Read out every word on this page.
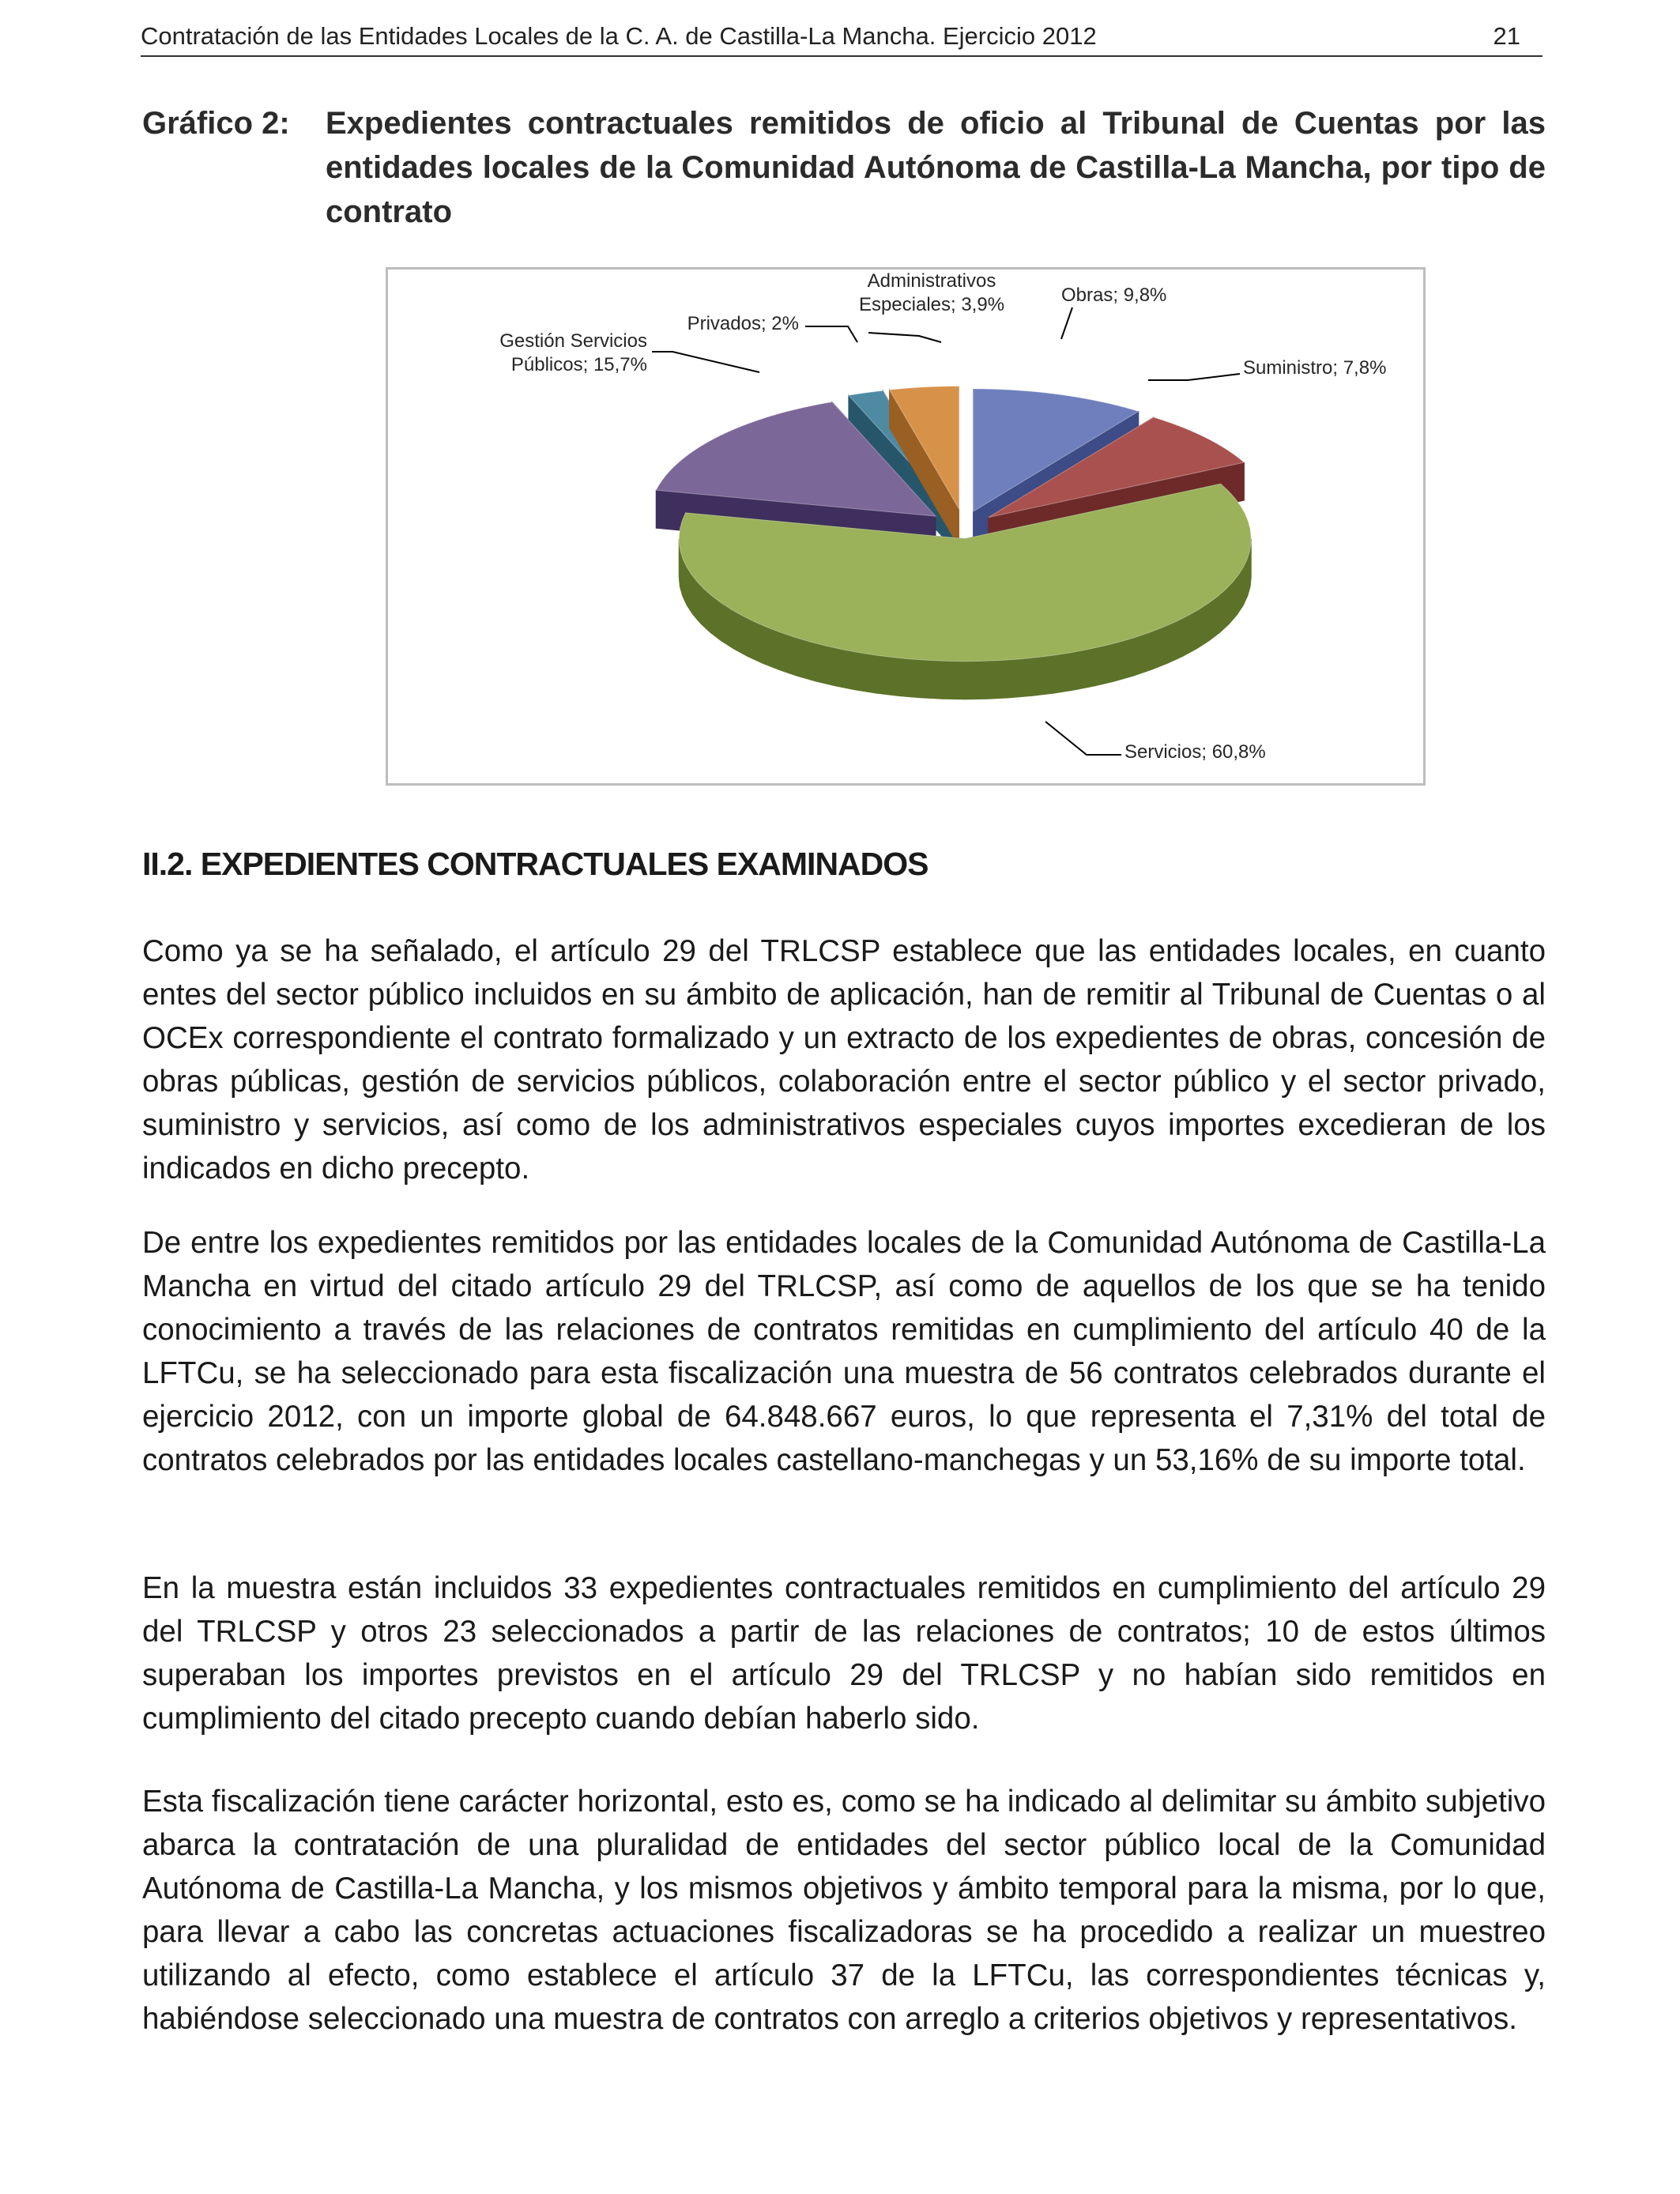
Contratación de las Entidades Locales de la C. A. de Castilla-La Mancha. Ejercicio 2012	21
Gráfico 2:	Expedientes contractuales remitidos de oficio al Tribunal de Cuentas por las entidades locales de la Comunidad Autónoma de Castilla-La Mancha, por tipo de contrato
Obras; 9,8%
Suministro; 7,8%
Servicios; 60,8%
Gestión Servicios Públicos; 15,7%
Privados; 2%
Administrativos Especiales; 3,9%
II.2. EXPEDIENTES CONTRACTUALES EXAMINADOS
Como ya se ha señalado, el artículo 29 del TRLCSP establece que las entidades locales, en cuanto entes del sector público incluidos en su ámbito de aplicación, han de remitir al Tribunal de Cuentas o al OCEx correspondiente el contrato formalizado y un extracto de los expedientes de obras, concesión de obras públicas, gestión de servicios públicos, colaboración entre el sector público y el sector privado, suministro y servicios, así como de los administrativos especiales cuyos importes excedieran de los indicados en dicho precepto.
De entre los expedientes remitidos por las entidades locales de la Comunidad Autónoma de Castilla-La Mancha en virtud del citado artículo 29 del TRLCSP, así como de aquellos de los que se ha tenido conocimiento a través de las relaciones de contratos remitidas en cumplimiento del artículo 40 de la LFTCu, se ha seleccionado para esta fiscalización una muestra de 56 contratos celebrados durante el ejercicio 2012, con un importe global de 64.848.667 euros, lo que representa el 7,31% del total de contratos celebrados por las entidades locales castellano-manchegas y un 53,16% de su importe total.
En la muestra están incluidos 33 expedientes contractuales remitidos en cumplimiento del artículo 29 del TRLCSP y otros 23 seleccionados a partir de las relaciones de contratos; 10 de estos últimos superaban los importes previstos en el artículo 29 del TRLCSP y no habían sido remitidos en cumplimiento del citado precepto cuando debían haberlo sido.
Esta fiscalización tiene carácter horizontal, esto es, como se ha indicado al delimitar su ámbito subjetivo abarca la contratación de una pluralidad de entidades del sector público local de la Comunidad Autónoma de Castilla-La Mancha, y los mismos objetivos y ámbito temporal para la misma, por lo que, para llevar a cabo las concretas actuaciones fiscalizadoras se ha procedido a realizar un muestreo utilizando al efecto, como establece el artículo 37 de la LFTCu, las correspondientes técnicas y, habiéndose seleccionado una muestra de contratos con arreglo a criterios objetivos y representativos.
